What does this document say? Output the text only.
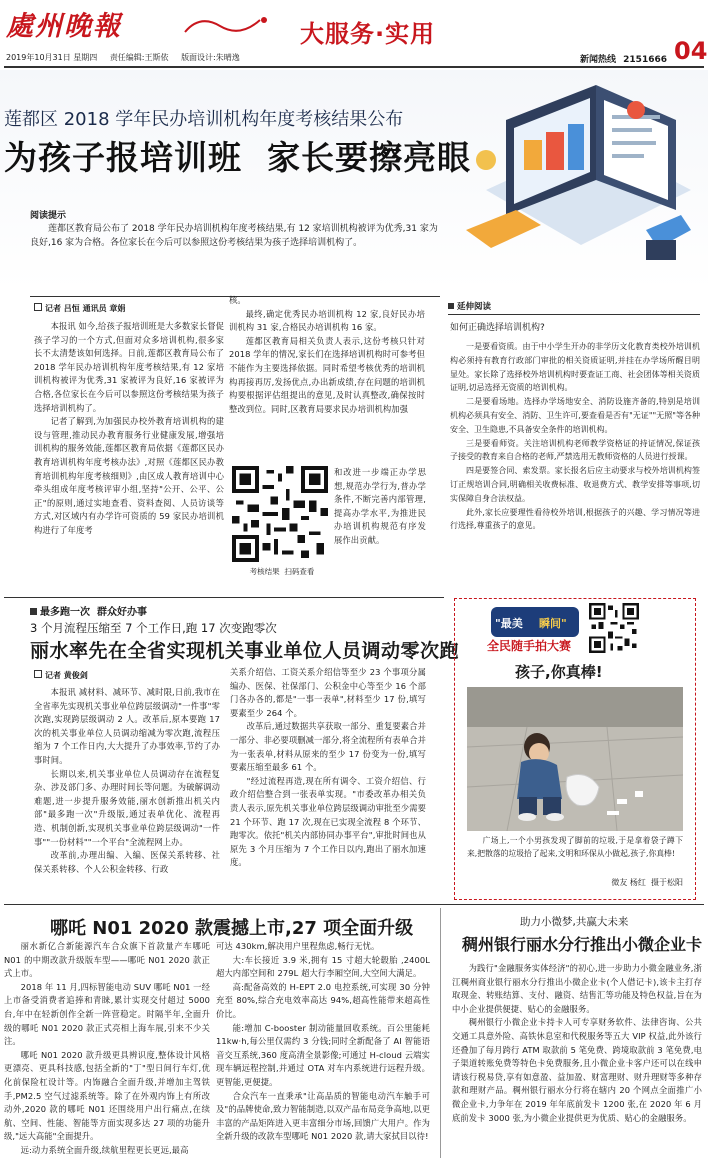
處州晚報	大服务·实用
新闻热线 2151666 04
2019年10月31日 星期四 责任编辑:王斯依 版面设计:朱晴逸
莲都区 2018 学年民办培训机构年度考核结果公布
为孩子报培训班  家长要擦亮眼
阅读提示
莲都区教育局公布了 2018 学年民办培训机构年度考核结果,有 12 家培训机构被评为优秀,31 家为良好,16 家为合格。各位家长在今后可以参照这份考核结果为孩子选择培训机构了。
记者 吕恒 通讯员 章娟

本报讯 如今,给孩子报培训班是大多数家长督促孩子学习的一个方式,但面对众多培训机构,很多家长不太清楚该如何选择。日前,莲都区教育局公布了 2018 学年民办培训机构年度考核结果,有 12 家培训机构被评为优秀,31 家被评为良好,16 家被评为合格,各位家长在今后可以参照这份考核结果为孩子选择培训机构了。

记者了解到,为加强民办校外教育培训机构的建设与管理,推动民办教育服务行业健康发展,增强培训机构的服务效能,莲都区教育局依据《莲都区民办教育培训机构年度考核办法》,对照《莲都区民办教育培训机构年度考核细则》,由区成人教育培训中心牵头组成年度考核评审小组,坚持"公开、公平、公正"的原则,通过实地查看、资料查阅、人员访谈等方式,对区域内有办学许可资质的 59 家民办培训机构进行了年度考

核。

最终,确定优秀民办培训机构 12 家,良好民办培训机构 31 家,合格民办培训机构 16 家。

莲都区教育局相关负责人表示,这份考核只针对 2018 学年的情况,家长们在选择培训机构时可参考但不能作为主要选择依据。同时希望考核优秀的培训机构再接再厉,发扬优点,办出新成绩,存在问题的培训机构要根据评估组提出的意见,及时认真整改,确保按时整改到位。同时,区教育局要求民办培训机构加强

考核结果  扫码查看

和改进一步端正办学思想,规范办学行为,普办学条件,不断完善内部管理,提高办学水平,为推进民办培训机构规范有序发展作出贡献。

延伸阅读
如何正确选择培训机构?

一是要看资质。由于中小学生开办的非学历文化教育类校外培训机构必须持有教育行政部门审批的相关资质证明,并挂在办学场所醒目明显处。家长除了选择校外培训机构时要查证工商、社会团体等相关资质证明,切忌选择无资质的培训机构。

二是要看场地。选择办学场地安全、消防设施齐备的,特别是培训机构必须具有安全、消防、卫生许可,要查看是否有"无证""无照"等各种安全、卫生隐患,不具备安全条件的培训机构。

三是要看师资。关注培训机构老师教学资格证的持证情况,保证孩子接受的教育来自合格的老师,严禁选用无教师资格的人员进行授课。

四是要签合同、索发票。家长报名后应主动要求与校外培训机构签订正规培训合同,明确相关收费标准、收退费方式、教学安排等事项,切实保障自身合法权益。

此外,家长应要理性看待校外培训,根据孩子的兴趣、学习情况等进行选择,尊重孩子的意见。

最多跑一次  群众好办事
3 个月流程压缩至 7 个工作日,跑 17 次变跑零次
丽水率先在全省实现机关事业单位人员调动零次跑
记者 黄俊剑

本报讯 减材料、减环节、减时限,日前,我市在全省率先实现机关事业单位跨层级调动"一件事"零次跑,实现跨层级调动 2 人。改革后,原本要跑 17 次的机关事业单位人员调动缩减为零次跑,流程压缩为 7 个工作日内,大大提升了办事效率,节约了办事时间。

长期以来,机关事业单位人员调动存在流程复杂、涉及部门多、办理时间长等问题。为破解调动难题,进一步提升服务效能,丽水创新推出机关内部"最多跑一次"升级版,通过表单优化、流程再造、机制创新,实现机关事业单位跨层级调动"一件事""一份材料""一个平台"全流程网上办。

改革前,办理出编、入编、医保关系转移、社保关系转移、个人公积金转移、行政

关系介绍信、工资关系介绍信等至少 23 个事项分属编办、医保、社保部门、公积金中心等至少 16 个部门各办各的,都是"一事一表单",材料至少 17 份,填写要素至少 264 个。

改革后,通过数据共享获取一部分、重复要素合并一部分、非必要项删减一部分,将全流程所有表单合并为一张表单,材料从原来的至少 17 份变为一份,填写要素压缩至最多 61 个。

"经过流程再造,现在所有调令、工资介绍信、行政介绍信整合到一张表单实现。"市委改革办相关负责人表示,原先机关事业单位跨层级调动审批至少需要 21 个环节、跑 17 次,现在已实现全流程 8 个环节、跑零次。依托"机关内部协同办事平台",审批时间也从原先 3 个月压缩为 7 个工作日以内,跑出了丽水加速度。

"最美 瞬间"
全民随手拍大赛
孩子,你真棒!
广场上,一个小男孩发现了脚前的垃圾,于是拿着袋子蹲下来,把散落的垃圾拾了起来,文明和环保从小做起,孩子,你真棒!
微友 杨红  摄于松阳
哪吒 N01 2020 款震撼上市,27 项全面升级

丽水新亿合新能源汽车合众旗下首款量产车哪吒 N01 的中期改款升级版车型——哪吒 N01 2020 款正式上市。

2018 年 11 月,四标智能电动 SUV 哪吒 N01 一经上市备受消费者追捧和青睐,累计实现交付超过 5000 台,年中在轻新创作全新一阵营稳定。时隔半年,全面升级的哪吒 N01 2020 款正式亮相上海车展,引来不少关注。

哪吒 N01 2020 款升级更具辨识度,整体设计风格更漂亮、更具科技感,包括全新的"丁"型日间行车灯,优化前保险杠设计等。内饰融合全面升级,并增加主驾铁手,PM2.5 空气过滤系统等。除了在外观内饰上有所改动外,2020 款的哪吒 N01 还围绕用户出行痛点,在续航、空间、性能、智能等方面实现多达 27 项的功能升级,"远大高能"全面提升。

远:动力系统全面升级,续航里程更长更远,最高

可达 430km,解决用户里程焦虑,畅行无忧。

大:车长接近 3.9 米,拥有 15 寸超大轮毂胎 ,2400L 超大内部空间和 279L 超大行李厢空间,大空间大满足。

高:配备高效的 H-EPT 2.0 电控系统,可实现 30 分钟充至 80%,综合充电效率高达 94%,超高性能带来超高性价比。

能:增加 C-booster 制动能量回收系统。百公里能耗 11kw·h,每公里仅需约 3 分钱;同时全新配备了 AI 智能语音交互系统,360 度高清全景影像;可通过 H-cloud 云端实现车辆远程控制,并通过 OTA 对车内系统进行远程升级。更智能,更便捷。

合众汽车一直秉承"让高品质的智能电动汽车触手可及"的品牌使命,致力智能制造,以双产品布局竞争高地,以更丰富的产品矩阵进入更丰富细分市场,回馈广大用户。作为全新升级的改款车型哪吒 N01 2020 款,请大家拭目以待!

助力小微梦,共赢大未来
稠州银行丽水分行推出小微企业卡

为践行"金融服务实体经济"的初心,进一步助力小微金融业务,浙江稠州商业银行丽水分行推出小微企业卡(个人借记卡),该卡主打存取现金、转账结算、支付、融资、结售汇等功能及特色权益,旨在为中小企业提供便捷、贴心的金融服务。

稠州银行小微企业卡持卡人可专享财务软件、法律咨询、公共交通工具意外险、高铁休息室和代税服务等五大 VIP 权益,此外该行还叠加了每月跨行 ATM 取款前 5 笔免费、跨境取款前 3 笔免费,电子渠道转账免费等特色卡免费服务,且小微企业卡客户还可以在线申请该行税易贷,享有如意盈、益加盈、财富理财、财升理财等多种存款和理财产品。稠州银行丽水分行将在辖内 20 个网点全面推广小微企业卡,力争年在 2019 年年底前发卡 1200 张,在 2020 年 6 月底前发卡 3000 张,为小微企业提供更为优质、贴心的金融服务。
